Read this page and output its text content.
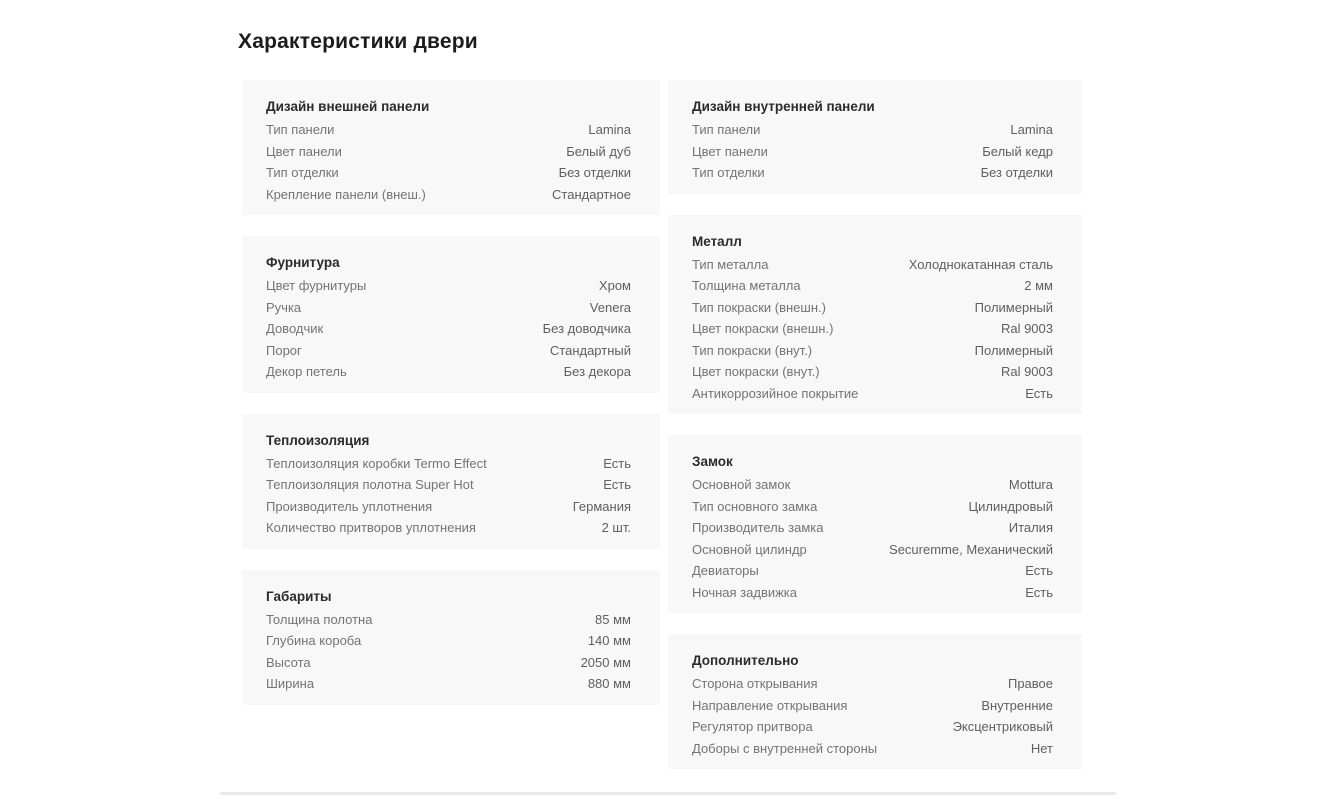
Характеристики двери
Дизайн внешней панели
Тип панели	Lamina
Цвет панели	Белый дуб
Тип отделки	Без отделки
Крепление панели (внеш.)	Стандартное
Фурнитура
Цвет фурнитуры	Хром
Ручка	Venera
Доводчик	Без доводчика
Порог	Стандартный
Декор петель	Без декора
Теплоизоляция
Теплоизоляция коробки Termo Effect	Есть
Теплоизоляция полотна Super Hot	Есть
Производитель уплотнения	Германия
Количество притворов уплотнения	2 шт.
Габариты
Толщина полотна	85 мм
Глубина короба	140 мм
Высота	2050 мм
Ширина	880 мм
Дизайн внутренней панели
Тип панели	Lamina
Цвет панели	Белый кедр
Тип отделки	Без отделки
Металл
Тип металла	Холоднокатанная сталь
Толщина металла	2 мм
Тип покраски (внешн.)	Полимерный
Цвет покраски (внешн.)	Ral 9003
Тип покраски (внут.)	Полимерный
Цвет покраски (внут.)	Ral 9003
Антикоррозийное покрытие	Есть
Замок
Основной замок	Mottura
Тип основного замка	Цилиндровый
Производитель замка	Италия
Основной цилиндр	Securemme, Механический
Девиаторы	Есть
Ночная задвижка	Есть
Дополнительно
Сторона открывания	Правое
Направление открывания	Внутренние
Регулятор притвора	Эксцентриковый
Доборы с внутренней стороны	Нет
